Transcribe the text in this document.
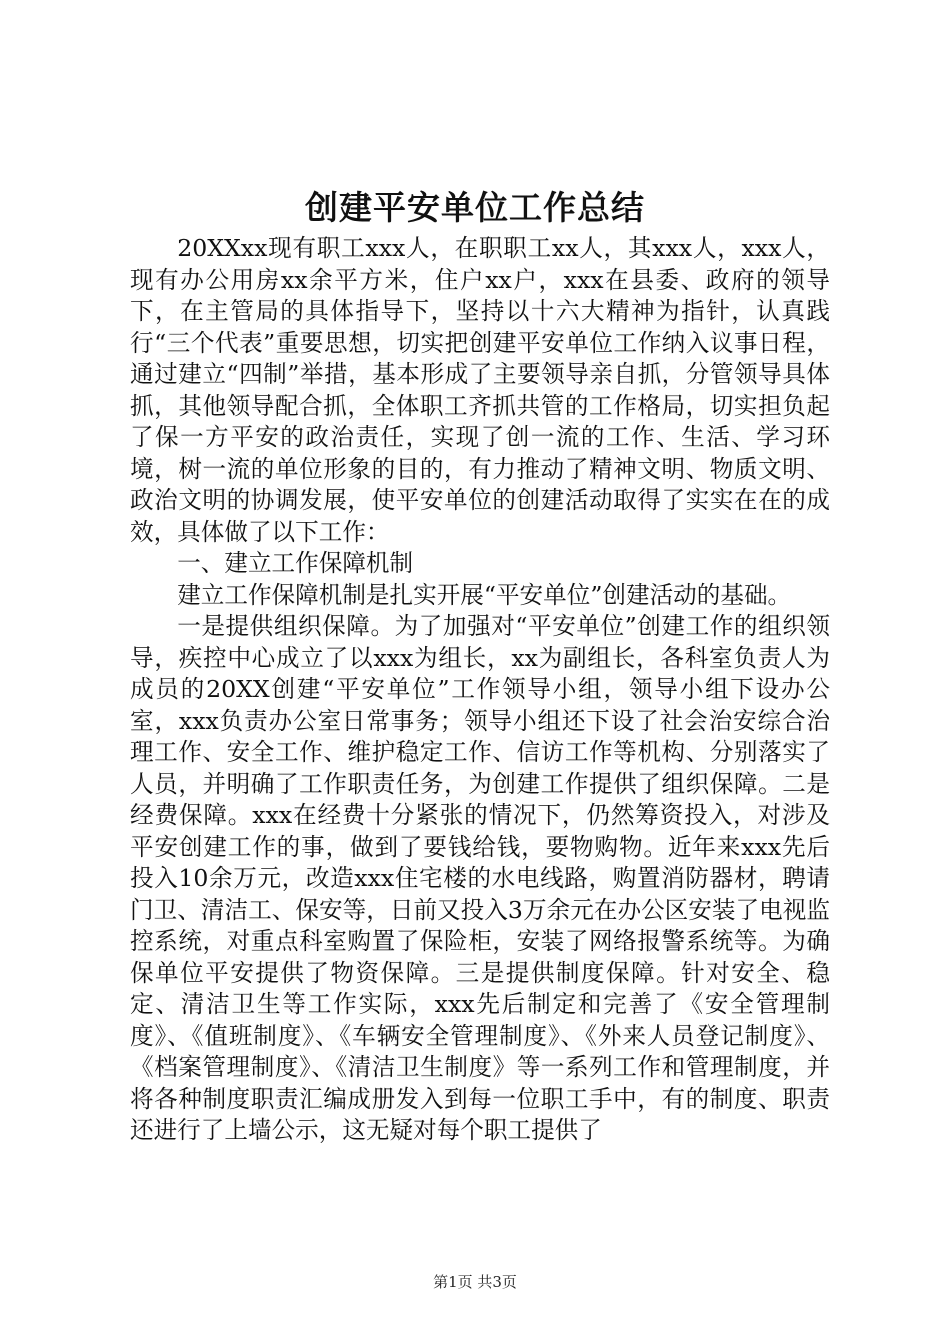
创建平安单位工作总结

20XXxx现有职工xxx人，在职职工xx人，其xxx人，xxx人，现有办公用房xx余平方米，住户xx户，xxx在县委、政府的领导下，在主管局的具体指导下，坚持以十六大精神为指针，认真践行“三个代表”重要思想，切实把创建平安单位工作纳入议事日程，通过建立“四制”举措，基本形成了主要领导亲自抓，分管领导具体抓，其他领导配合抓，全体职工齐抓共管的工作格局，切实担负起了保一方平安的政治责任，实现了创一流的工作、生活、学习环境，树一流的单位形象的目的，有力推动了精神文明、物质文明、政治文明的协调发展，使平安单位的创建活动取得了实实在在的成效，具体做了以下工作：

一、建立工作保障机制

建立工作保障机制是扎实开展“平安单位”创建活动的基础。

一是提供组织保障。为了加强对“平安单位”创建工作的组织领导，疾控中心成立了以xxx为组长，xx为副组长，各科室负责人为成员的20XX创建“平安单位”工作领导小组，领导小组下设办公室，xxx负责办公室日常事务；领导小组还下设了社会治安综合治理工作、安全工作、维护稳定工作、信访工作等机构、分别落实了人员，并明确了工作职责任务，为创建工作提供了组织保障。二是经费保障。xxx在经费十分紧张的情况下，仍然筹资投入，对涉及平安创建工作的事，做到了要钱给钱，要物购物。近年来xxx先后投入10余万元，改造xxx住宅楼的水电线路，购置消防器材，聘请门卫、清洁工、保安等，日前又投入3万余元在办公区安装了电视监控系统，对重点科室购置了保险柜，安装了网络报警系统等。为确保单位平安提供了物资保障。三是提供制度保障。针对安全、稳定、清洁卫生等工作实际，xxx先后制定和完善了《安全管理制度》、《值班制度》、《车辆安全管理制度》、《外来人员登记制度》、《档案管理制度》、《清洁卫生制度》等一系列工作和管理制度，并将各种制度职责汇编成册发入到每一位职工手中，有的制度、职责还进行了上墙公示，这无疑对每个职工提供了

第1页 共3页
